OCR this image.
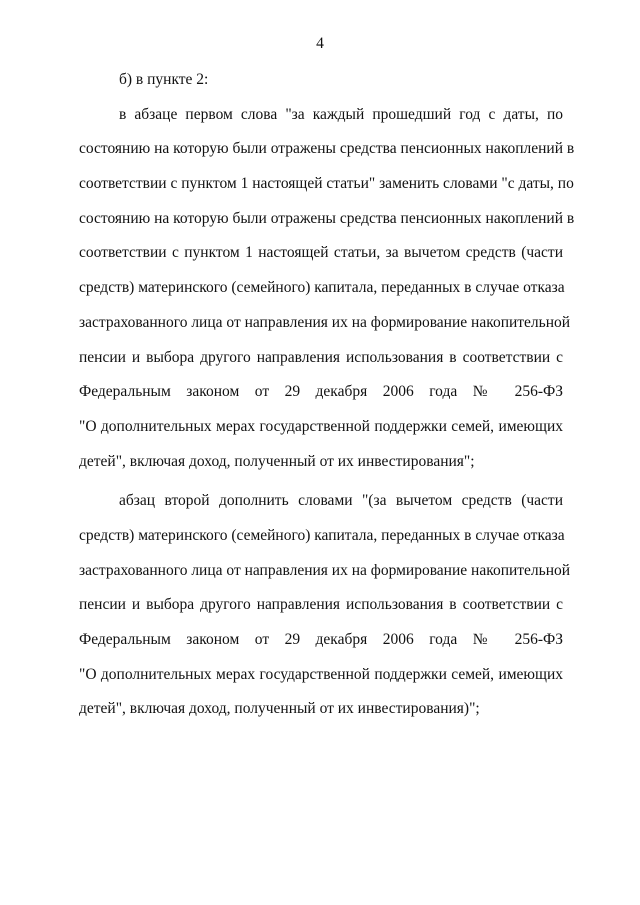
4
б) в пункте 2:
в абзаце первом слова "за каждый прошедший год с даты, по
состоянию на которую были отражены средства пенсионных накоплений в
соответствии с пунктом 1 настоящей статьи" заменить словами "с даты, по
состоянию на которую были отражены средства пенсионных накоплений в
соответствии с пунктом 1 настоящей статьи, за вычетом средств (части
средств) материнского (семейного) капитала, переданных в случае отказа
застрахованного лица от направления их на формирование накопительной
пенсии и выбора другого направления использования в соответствии с
Федеральным законом от 29 декабря 2006 года № 256-ФЗ
"О дополнительных мерах государственной поддержки семей, имеющих
детей", включая доход, полученный от их инвестирования";
абзац второй дополнить словами "(за вычетом средств (части
средств) материнского (семейного) капитала, переданных в случае отказа
застрахованного лица от направления их на формирование накопительной
пенсии и выбора другого направления использования в соответствии с
Федеральным законом от 29 декабря 2006 года № 256-ФЗ
"О дополнительных мерах государственной поддержки семей, имеющих
детей", включая доход, полученный от их инвестирования)";
